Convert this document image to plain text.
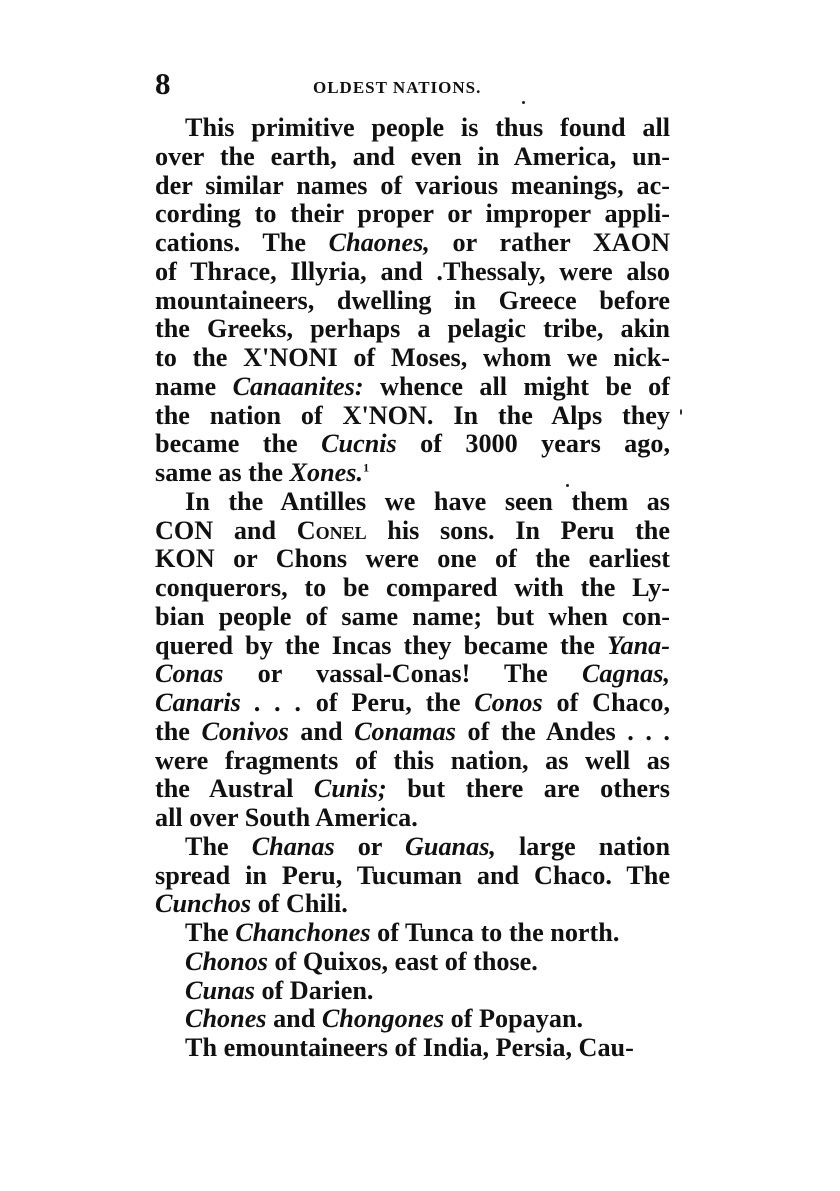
8	OLDEST NATIONS.
This primitive people is thus found all
over the earth, and even in America, un-
der similar names of various meanings, ac-
cording to their proper or improper appli-
cations. The Chaones, or rather XAON
of Thrace, Illyria, and .Thessaly, were also
mountaineers, dwelling in Greece before
the Greeks, perhaps a pelagic tribe, akin
to the X'NONI of Moses, whom we nick-
name Canaanites: whence all might be of
the nation of X'NON. In the Alps they
became the Cucnis of 3000 years ago,
same as the Xones.$^1$
In the Antilles we have seen them as
CON and Conel his sons. In Peru the
KON or Chons were one of the earliest
conquerors, to be compared with the Ly-
bian people of same name; but when con-
quered by the Incas they became the Yana-
Conas or vassal-Conas! The Cagnas,
Canaris . . . of Peru, the Conos of Chaco,
the Conivos and Conamas of the Andes . . .
were fragments of this nation, as well as
the Austral Cunis; but there are others
all over South America.
The Chanas or Guanas, large nation
spread in Peru, Tucuman and Chaco. The
Cunchos of Chili.
The Chanchones of Tunca to the north.
Chonos of Quixos, east of those.
Cunas of Darien.
Chones and Chongones of Popayan.
Th emountaineers of India, Persia, Cau-
